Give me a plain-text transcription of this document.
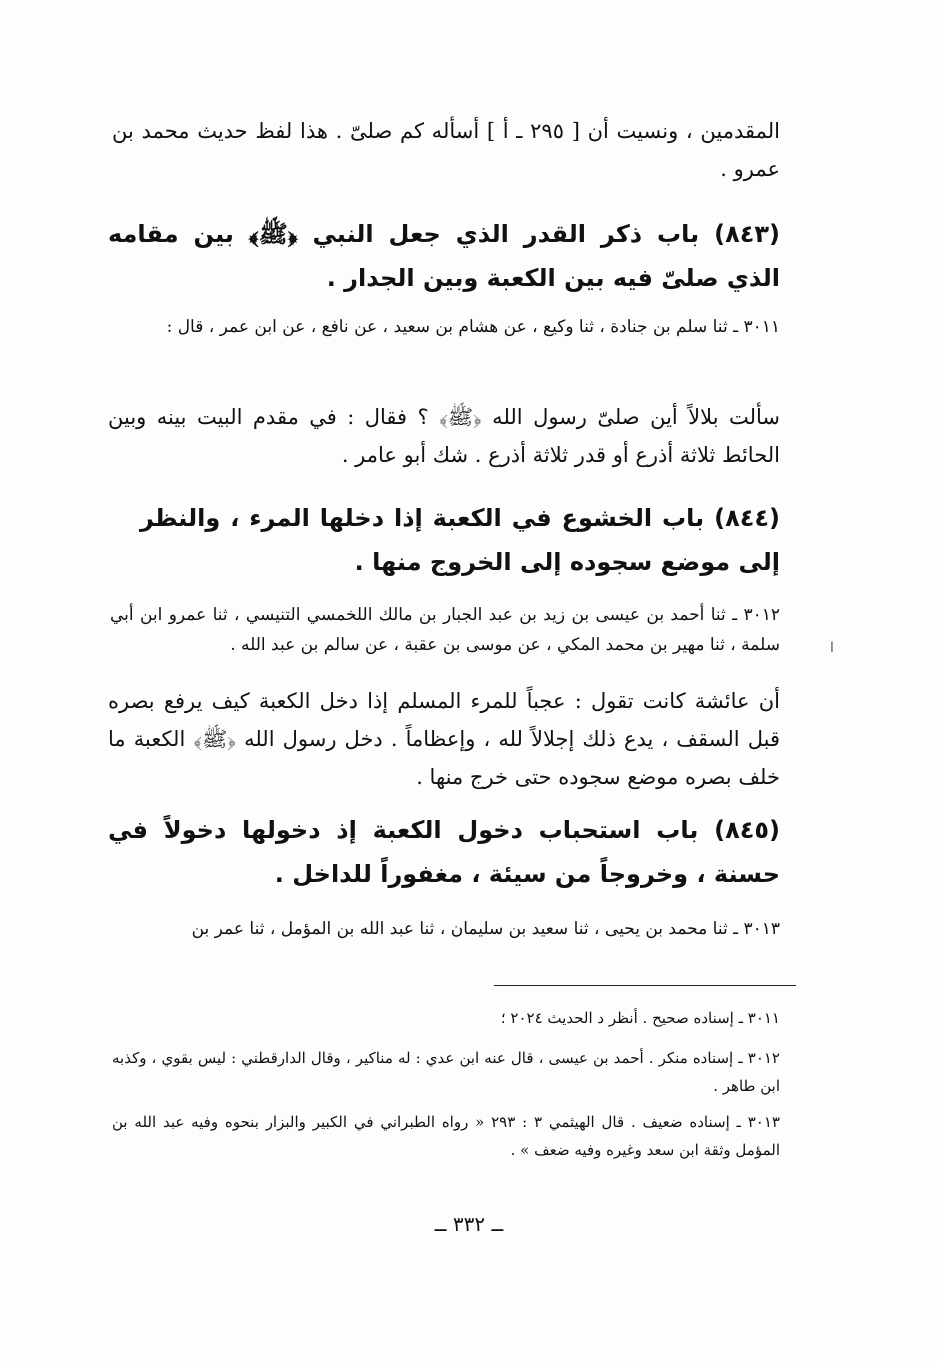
المقدمين ، ونسيت أن [ ٢٩٥ ـ أ ] أسأله كم صلىّ . هذا لفظ حديث محمد بن عمرو .
(٨٤٣) باب ذكر القدر الذي جعل النبي ﴿ﷺ﴾ بين مقامه الذي صلىّ فيه بين الكعبة وبين الجدار .
٣٠١١ ـ ثنا سلم بن جنادة ، ثنا وكيع ، عن هشام بن سعيد ، عن نافع ، عن ابن عمر ، قال :
سألت بلالاً أين صلىّ رسول الله ﴿ﷺ﴾ ؟ فقال : في مقدم البيت بينه وبين الحائط ثلاثة أذرع أو قدر ثلاثة أذرع . شك أبو عامر .
(٨٤٤) باب الخشوع في الكعبة إذا دخلها المرء ، والنظر إلى موضع سجوده إلى الخروج منها .
٣٠١٢ ـ ثنا أحمد بن عيسى بن زيد بن عبد الجبار بن مالك اللخمسي التنيسي ، ثنا عمرو ابن أبي سلمة ، ثنا مهير بن محمد المكي ، عن موسى بن عقبة ، عن سالم بن عبد الله .
أن عائشة كانت تقول : عجباً للمرء المسلم إذا دخل الكعبة كيف يرفع بصره قبل السقف ، يدع ذلك إجلالاً لله ، وإعظاماً . دخل رسول الله ﴿ﷺ﴾ الكعبة ما خلف بصره موضع سجوده حتى خرج منها .
(٨٤٥) باب استحباب دخول الكعبة إذ دخولها دخولاً في حسنة ، وخروجاً من سيئة ، مغفوراً للداخل .
٣٠١٣ ـ ثنا محمد بن يحيى ، ثنا سعيد بن سليمان ، ثنا عبد الله بن المؤمل ، ثنا عمر بن
٣٠١١ ـ إسناده صحيح . أنظر د الحديث ٢٠٢٤ ؛
٣٠١٢ ـ إسناده منكر . أحمد بن عيسى ، قال عنه ابن عدي : له مناكير ، وقال الدارقطني : ليس بقوي ، وكذبه ابن طاهر .
٣٠١٣ ـ إسناده ضعيف . قال الهيثمي ٣ : ٢٩٣ « رواه الطبراني في الكبير والبزار بنحوه وفيه عبد الله بن المؤمل وثقة ابن سعد وغيره وفيه ضعف » .
ــ ٣٣٢ ــ
ا
